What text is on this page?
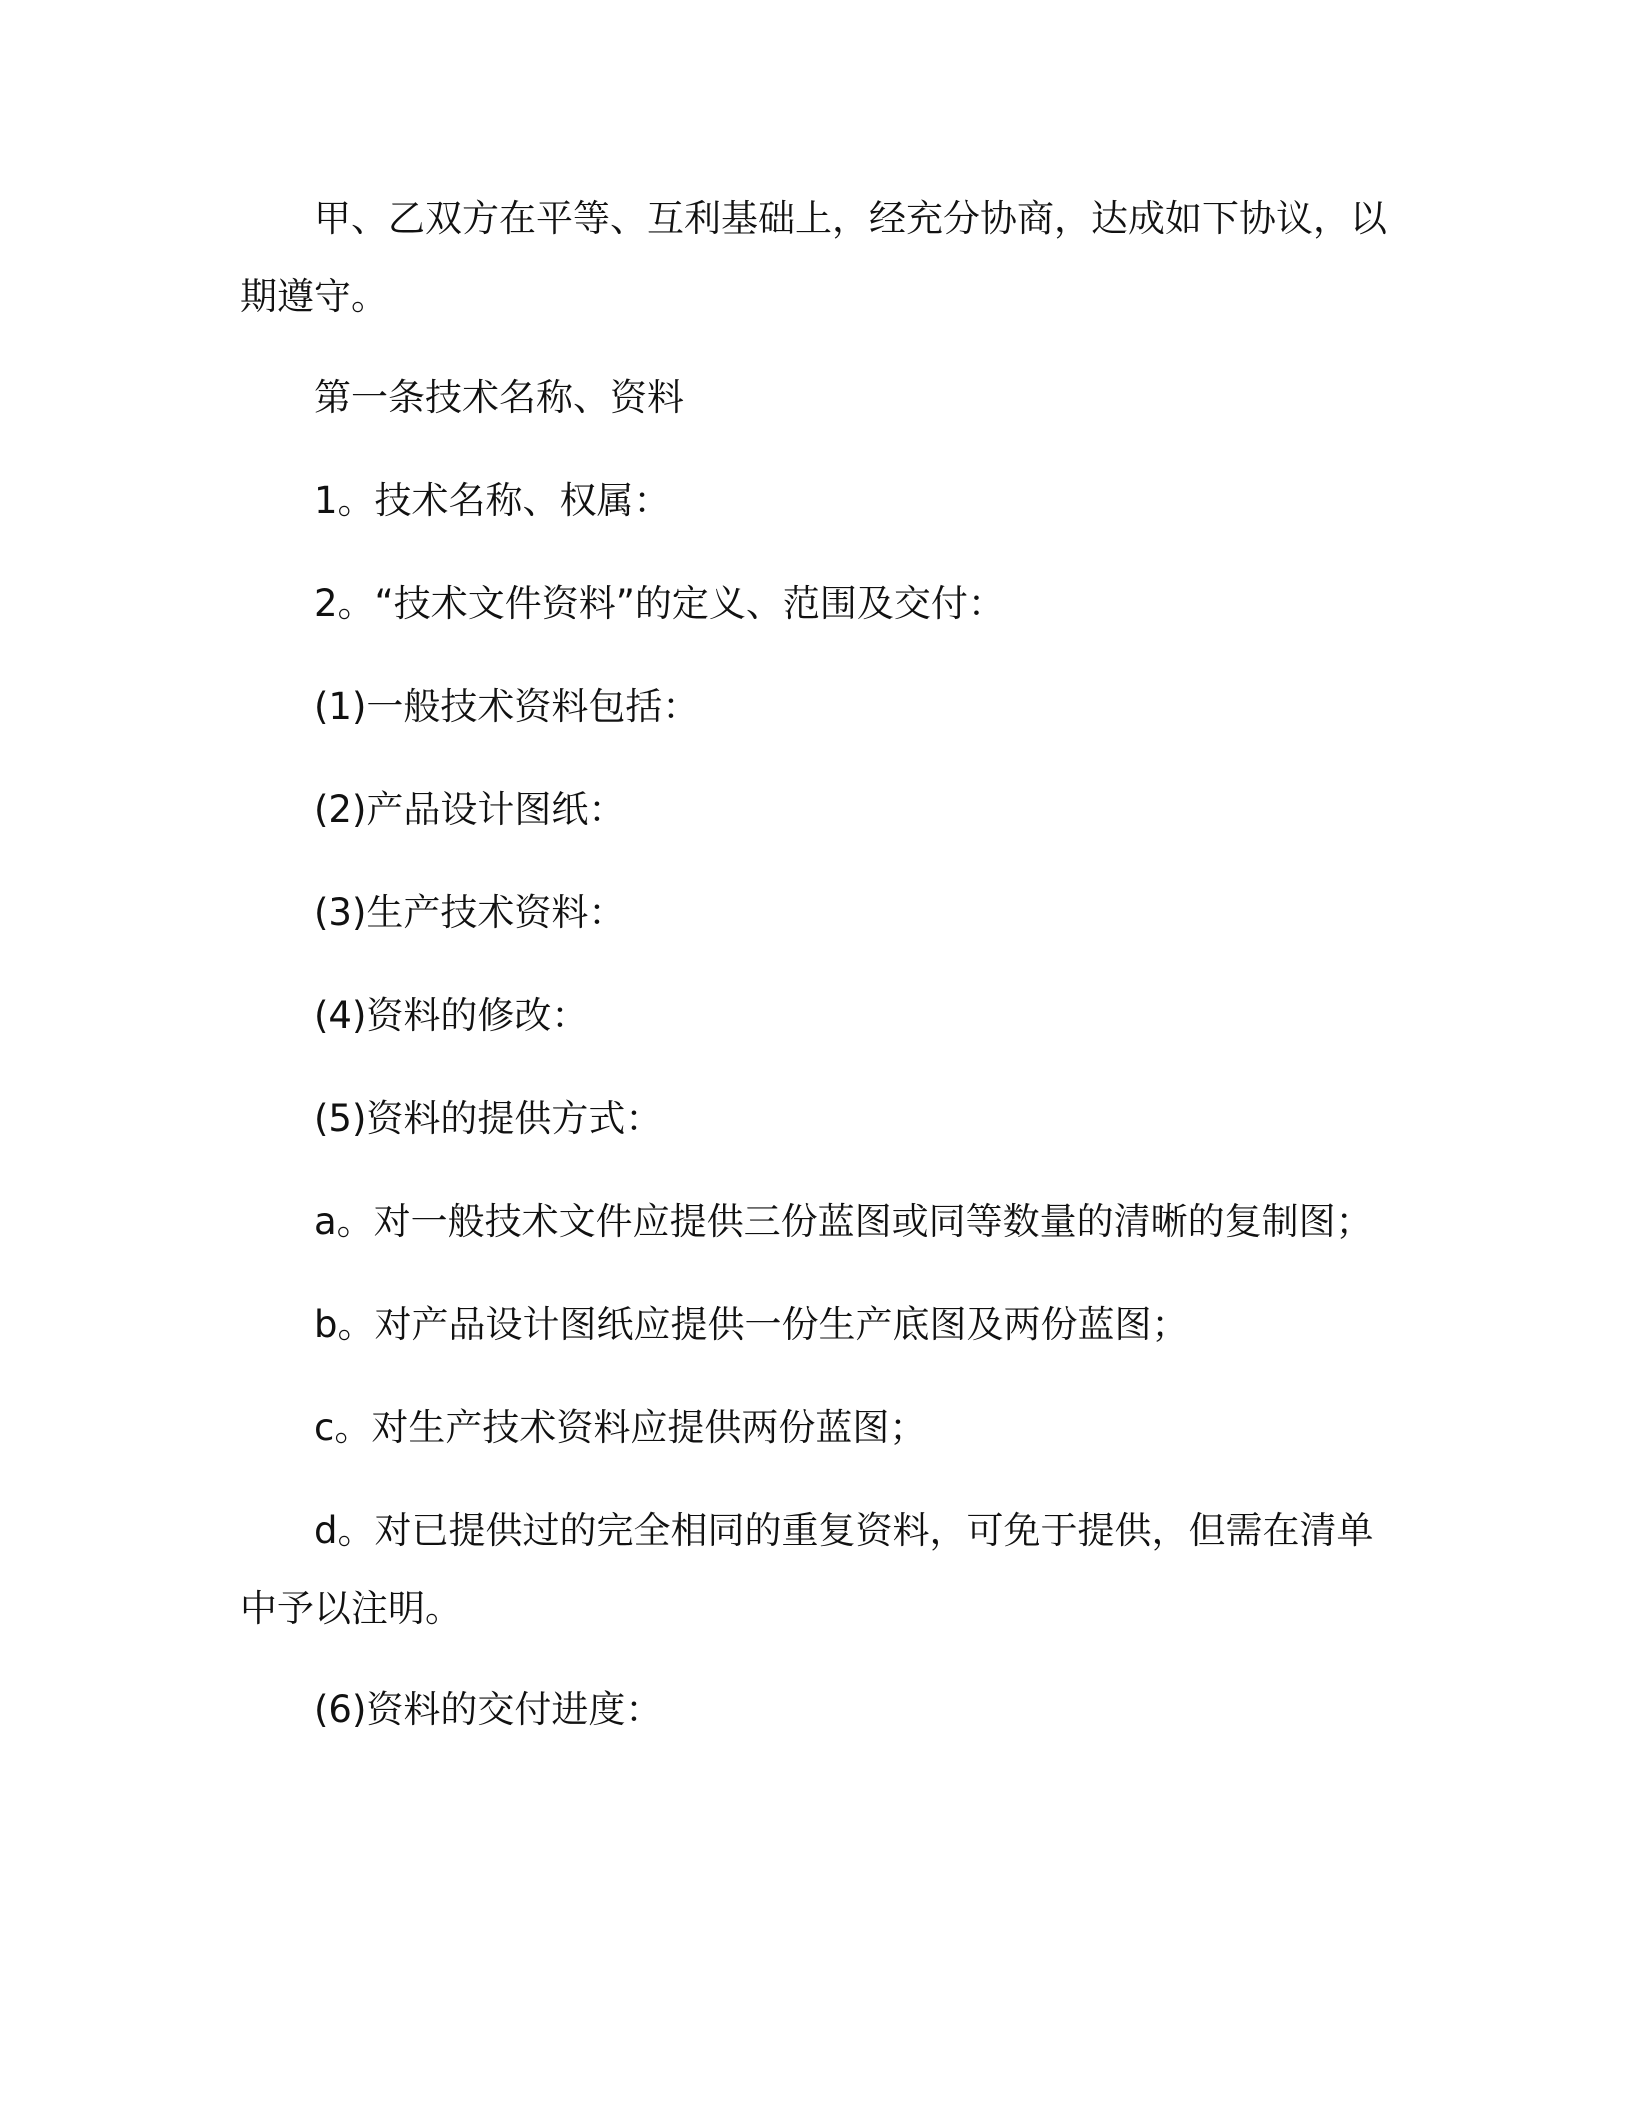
甲、乙双方在平等、互利基础上，经充分协商，达成如下协议，以期遵守。

第一条技术名称、资料

1。技术名称、权属：

2。“技术文件资料”的定义、范围及交付：

(1)一般技术资料包括：

(2)产品设计图纸：

(3)生产技术资料：

(4)资料的修改：

(5)资料的提供方式：

a。对一般技术文件应提供三份蓝图或同等数量的清晰的复制图；

b。对产品设计图纸应提供一份生产底图及两份蓝图；

c。对生产技术资料应提供两份蓝图；

d。对已提供过的完全相同的重复资料，可免于提供，但需在清单中予以注明。

(6)资料的交付进度：
